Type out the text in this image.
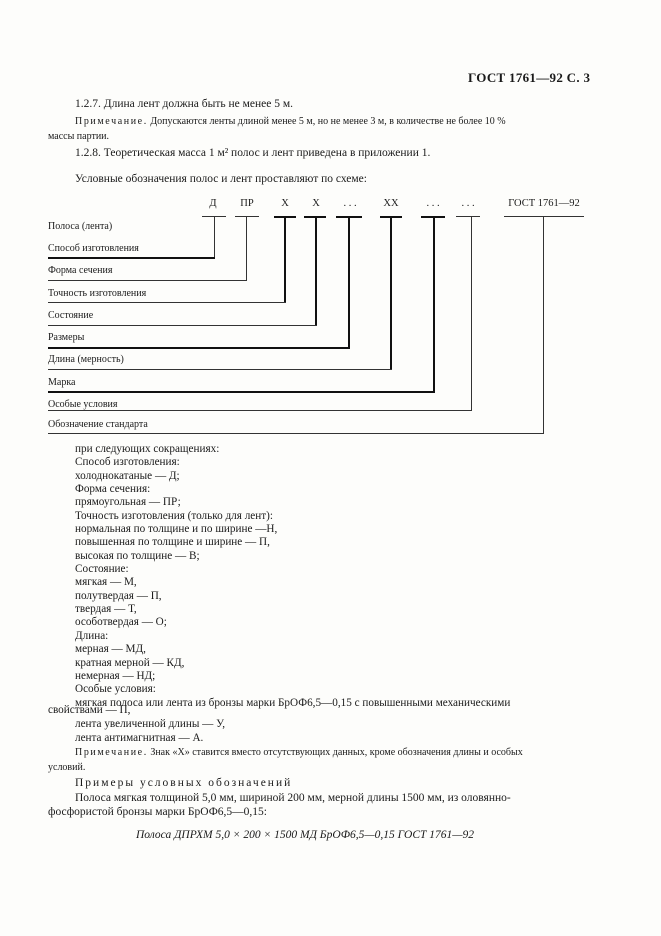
ГОСТ 1761—92 С. 3
1.2.7. Длина лент должна быть не менее 5 м.
Примечание. Допускаются ленты длиной менее 5 м, но не менее 3 м, в количестве не более 10 %
массы партии.
1.2.8. Теоретическая масса 1 м² полос и лент приведена в приложении 1.
Условные обозначения полос и лент проставляют по схеме:
Д	ПР	Х	Х	. . .	ХХ	. . .	. . .	ГОСТ 1761—92
Полоса (лента)
Способ изготовления
Форма сечения
Точность изготовления
Состояние
Размеры
Длина (мерность)
Марка
Особые условия
Обозначение стандарта
при следующих сокращениях:
Способ изготовления:
холоднокатаные — Д;
Форма сечения:
прямоугольная — ПР;
Точность изготовления (только для лент):
нормальная по толщине и по ширине —Н,
повышенная по толщине и ширине — П,
высокая по толщине — В;
Состояние:
мягкая — М,
полутвердая — П,
твердая — Т,
особотвердая — О;
Длина:
мерная — МД,
кратная мерной — КД,
немерная — НД;
Особые условия:
мягкая полоса или лента из бронзы марки БрОФ6,5—0,15 с повышенными механическими
свойствами — П,
лента увеличенной длины — У,
лента антимагнитная — А.
Примечание. Знак «Х» ставится вместо отсутствующих данных, кроме обозначения длины и особых
условий.
Примеры условных обозначений
Полоса мягкая толщиной 5,0 мм, шириной 200 мм, мерной длины 1500 мм, из оловянно-
фосфористой бронзы марки БрОФ6,5—0,15:
Полоса ДПРХМ 5,0 × 200 × 1500 МД БрОФ6,5—0,15 ГОСТ 1761—92
